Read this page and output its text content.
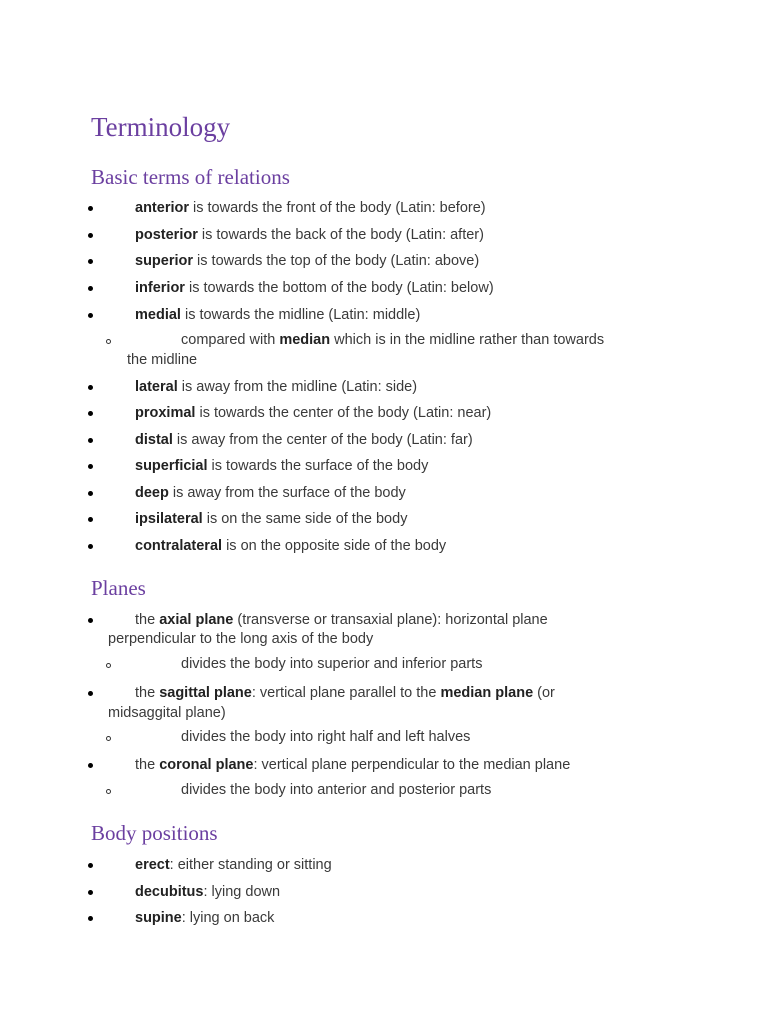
Terminology
Basic terms of relations
anterior is towards the front of the body (Latin: before)
posterior is towards the back of the body (Latin: after)
superior is towards the top of the body (Latin: above)
inferior is towards the bottom of the body (Latin: below)
medial is towards the midline (Latin: middle)
compared with median which is in the midline rather than towards
the midline
lateral is away from the midline (Latin: side)
proximal is towards the center of the body (Latin: near)
distal is away from the center of the body (Latin: far)
superficial is towards the surface of the body
deep is away from the surface of the body
ipsilateral is on the same side of the body
contralateral is on the opposite side of the body
Planes
the axial plane (transverse or transaxial plane): horizontal plane
perpendicular to the long axis of the body
divides the body into superior and inferior parts
the sagittal plane: vertical plane parallel to the median plane (or
midsaggital plane)
divides the body into right half and left halves
the coronal plane: vertical plane perpendicular to the median plane
divides the body into anterior and posterior parts
Body positions
erect: either standing or sitting
decubitus: lying down
supine: lying on back
